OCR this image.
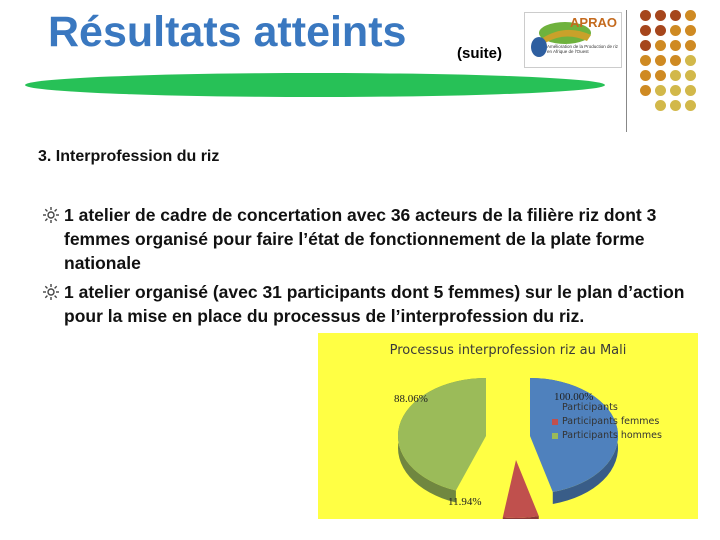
Résultats atteints	(suite)
APRAO
Amélioration de la Production de riz en Afrique de l'Ouest
3. Interprofession du riz
1 atelier de cadre de concertation avec 36 acteurs de la filière riz dont 3 femmes organisé pour faire l’état de fonctionnement de la plate forme nationale
1 atelier organisé (avec 31 participants dont 5 femmes) sur le plan d’action pour la mise en place du processus de l’interprofession du riz.
Processus interprofession riz au Mali
100.00%
11.94%
88.06%
Participants
Participants femmes
Participants hommes
